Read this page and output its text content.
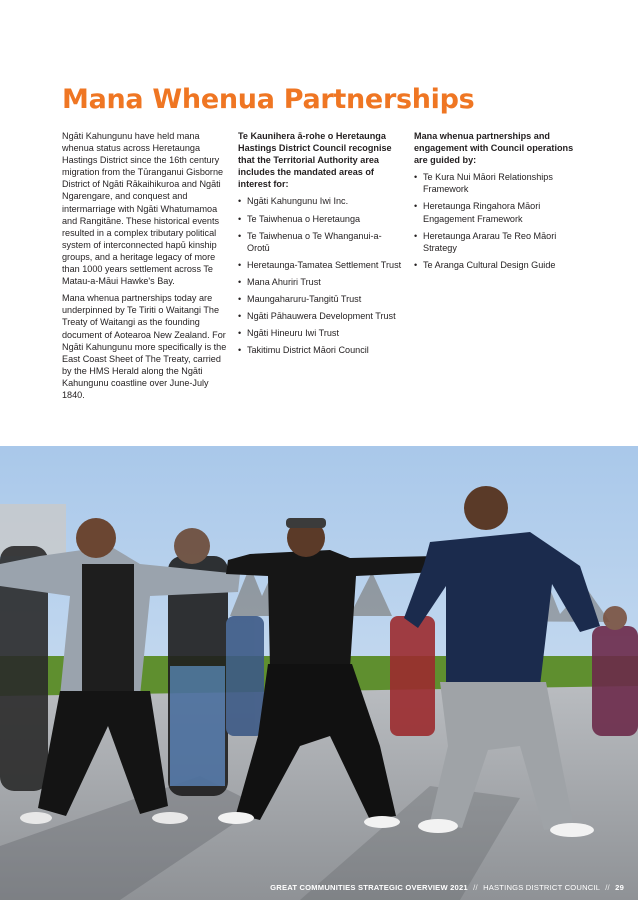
Mana Whenua Partnerships

Ngāti Kahungunu have held mana whenua status across Heretaunga Hastings District since the 16th century migration from the Tūranganui Gisborne District of Ngāti Rākaihikuroa and Ngāti Ngarengare, and conquest and intermarriage with Ngāti Whatumamoa and Rangitāne. These historical events resulted in a complex tributary political system of interconnected hapū kinship groups, and a heritage legacy of more than 1000 years settlement across Te Matau-a-Māui Hawke's Bay.

Mana whenua partnerships today are underpinned by Te Tiriti o Waitangi The Treaty of Waitangi as the founding document of Aotearoa New Zealand. For Ngāti Kahungunu more specifically is the East Coast Sheet of The Treaty, carried by the HMS Herald along the Ngāti Kahungunu coastline over June-July 1840.

Te Kaunihera ā-rohe o Heretaunga Hastings District Council recognise that the Territorial Authority area includes the mandated areas of interest for:

• Ngāti Kahungunu Iwi Inc.
• Te Taiwhenua o Heretaunga
• Te Taiwhenua o Te Whanganui-a-Orotū
• Heretaunga-Tamatea Settlement Trust
• Mana Ahuriri Trust
• Maungaharuru-Tangitū Trust
• Ngāti Pāhauwera Development Trust
• Ngāti Hineuru Iwi Trust
• Takitimu District Māori Council

Mana whenua partnerships and engagement with Council operations are guided by:

• Te Kura Nui Māori Relationships Framework
• Heretaunga Ringahora Māori Engagement Framework
• Heretaunga Ararau Te Reo Māori Strategy
• Te Aranga Cultural Design Guide
GREAT COMMUNITIES STRATEGIC OVERVIEW 2021 // HASTINGS DISTRICT COUNCIL // 29
